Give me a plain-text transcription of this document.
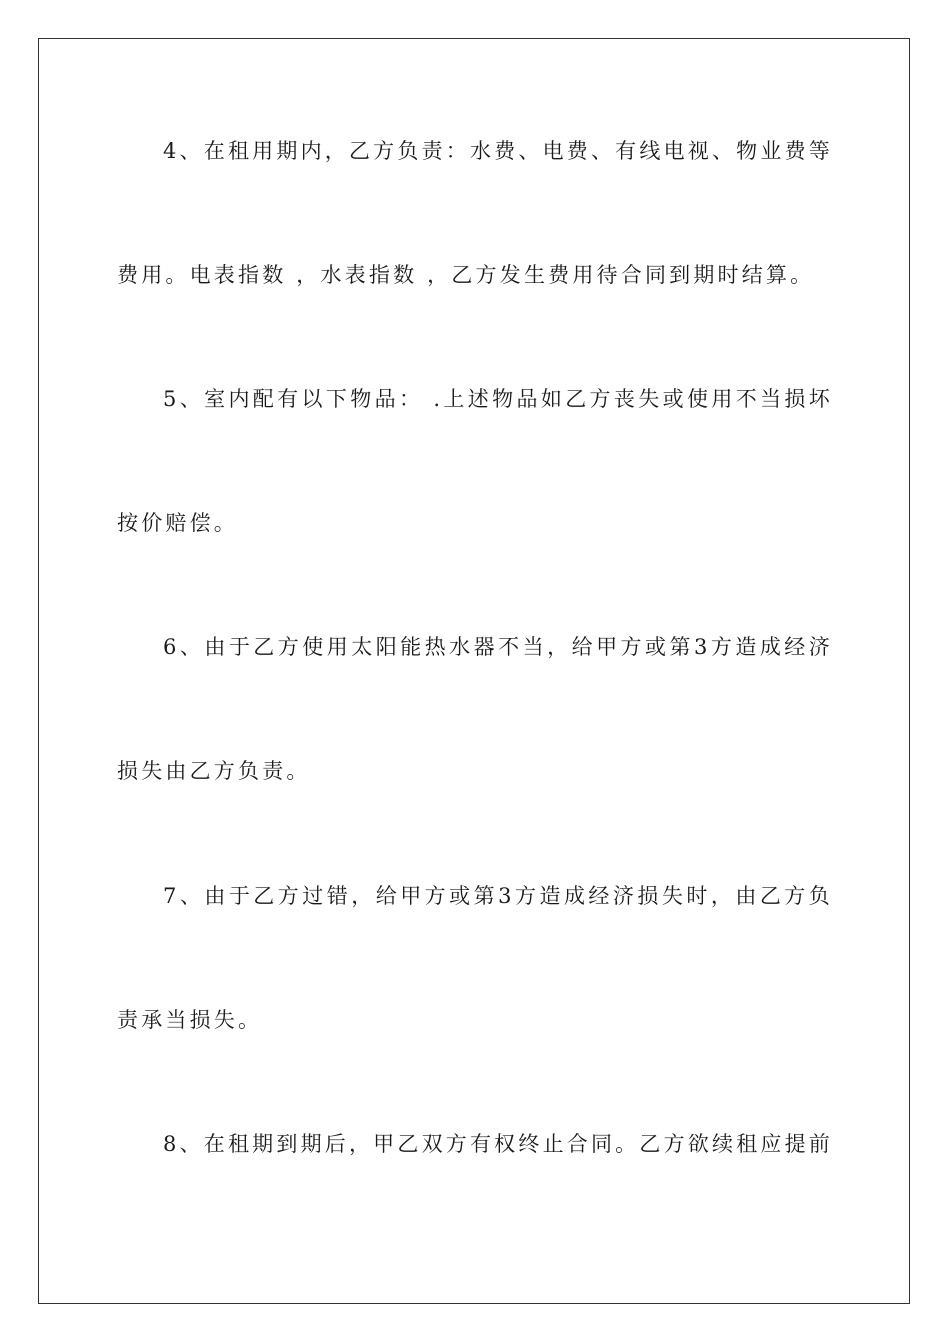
4、在租用期内，乙方负责：水费、电费、有线电视、物业费等
费用。电表指数 ，水表指数 ，乙方发生费用待合同到期时结算。
5、室内配有以下物品： .上述物品如乙方丧失或使用不当损坏
按价赔偿。
6、由于乙方使用太阳能热水器不当，给甲方或第3方造成经济
损失由乙方负责。
7、由于乙方过错，给甲方或第3方造成经济损失时，由乙方负
责承当损失。
8、在租期到期后，甲乙双方有权终止合同。乙方欲续租应提前
